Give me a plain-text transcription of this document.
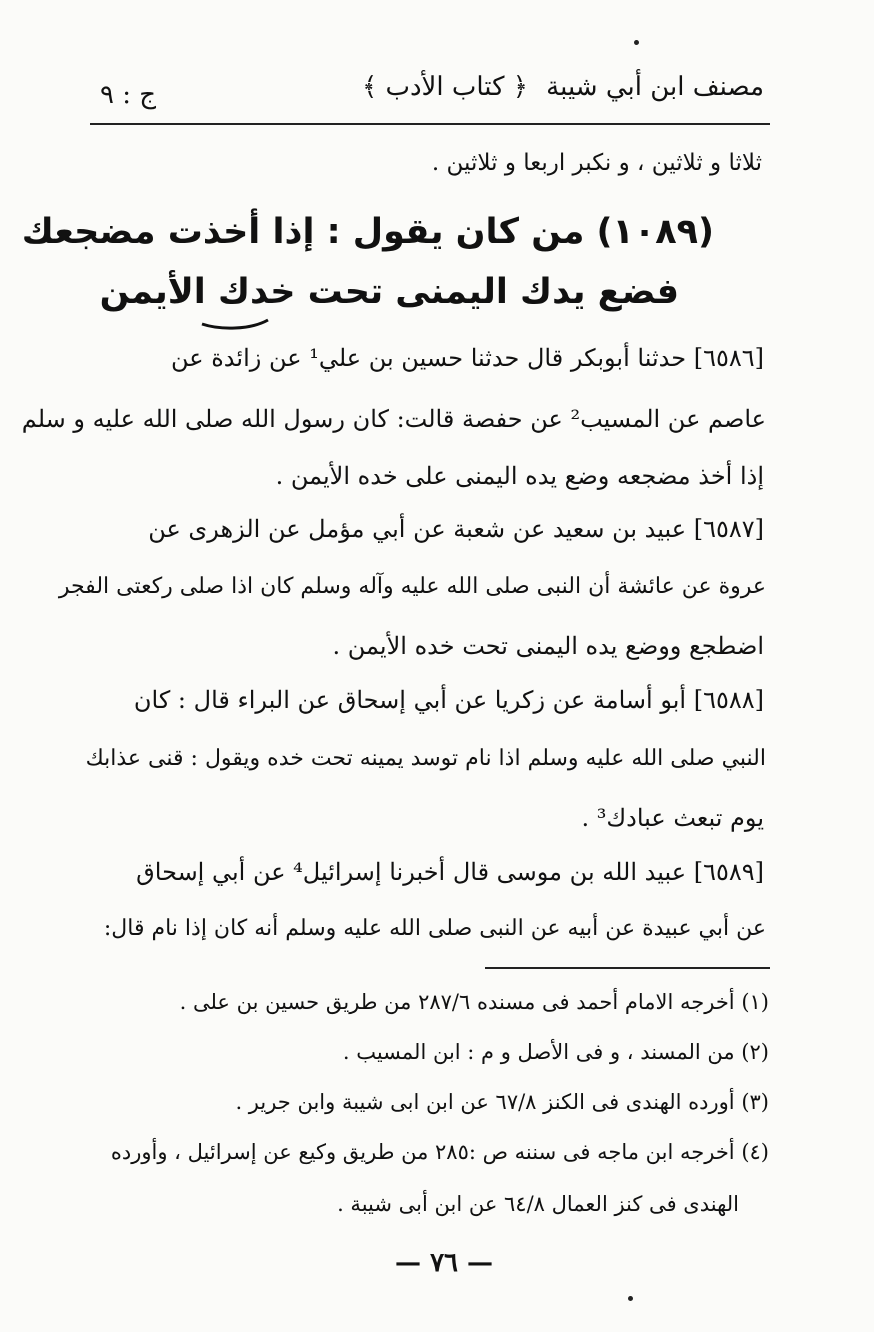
مصنف ابن أبي شيبة
﴿ كتاب الأدب ﴾
ج : ٩
ثلاثا و ثلاثين ، و نكبر اربعا و ثلاثين .
(١٠٨٩) من كان يقول : إذا أخذت مضجعك
فضع يدك اليمنى تحت خدك الأيمن
[٦٥٨٦] حدثنا أبوبكر قال حدثنا حسين بن علي¹ عن زائدة عن
عاصم عن المسيب² عن حفصة قالت: كان رسول الله صلى الله عليه و سلم
إذا أخذ مضجعه وضع يده اليمنى على خده الأيمن .
[٦٥٨٧] عبيد بن سعيد عن شعبة عن أبي مؤمل عن الزهرى عن
عروة عن عائشة أن النبى صلى الله عليه وآله وسلم كان اذا صلى ركعتى الفجر
اضطجع ووضع يده اليمنى تحت خده الأيمن .
[٦٥٨٨] أبو أسامة عن زكريا عن أبي إسحاق عن البراء قال : كان
النبي صلى الله عليه وسلم اذا نام توسد يمينه تحت خده ويقول : قنى عذابك
يوم تبعث عبادك³ .
[٦٥٨٩] عبيد الله بن موسى قال أخبرنا إسرائيل⁴ عن أبي إسحاق
عن أبي عبيدة عن أبيه عن النبى صلى الله عليه وسلم أنه كان إذا نام قال:
(١) أخرجه الامام أحمد فى مسنده ٢٨٧/٦ من طريق حسين بن على .
(٢) من المسند ، و فى الأصل و م : ابن المسيب .
(٣) أورده الهندى فى الكنز ٦٧/٨ عن ابن ابى شيبة وابن جرير .
(٤) أخرجه ابن ماجه فى سننه ص :٢٨٥ من طريق وكيع عن إسرائيل ، وأورده
الهندى فى كنز العمال ٦٤/٨ عن ابن أبى شيبة .
— ٧٦ —
